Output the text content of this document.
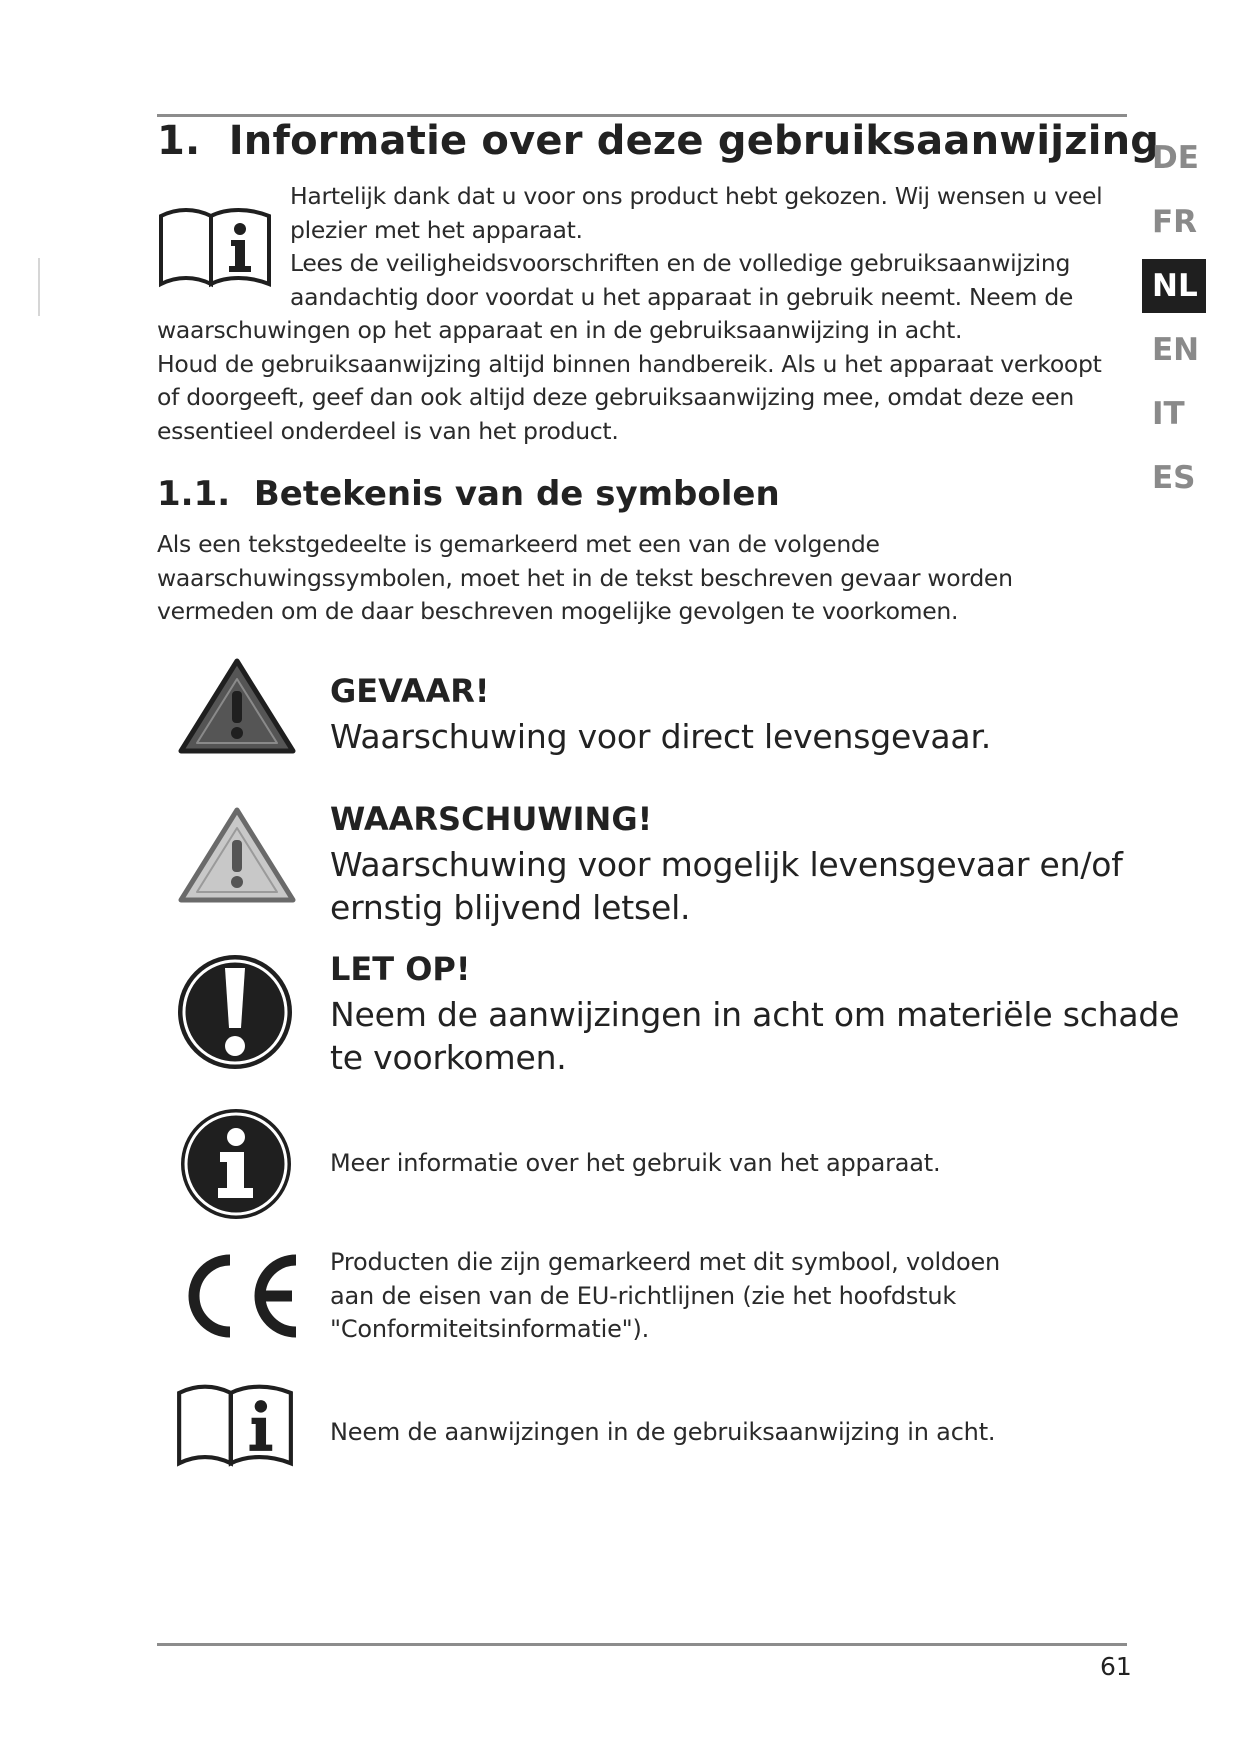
1. Informatie over deze gebruiksaanwijzing
Hartelijk dank dat u voor ons product hebt gekozen. Wij wensen u veel
plezier met het apparaat.
Lees de veiligheidsvoorschriften en de volledige gebruiksaanwijzing
aandachtig door voordat u het apparaat in gebruik neemt. Neem de
waarschuwingen op het apparaat en in de gebruiksaanwijzing in acht.
Houd de gebruiksaanwijzing altijd binnen handbereik. Als u het apparaat verkoopt
of doorgeeft, geef dan ook altijd deze gebruiksaanwijzing mee, omdat deze een
essentieel onderdeel is van het product.
1.1. Betekenis van de symbolen
Als een tekstgedeelte is gemarkeerd met een van de volgende
waarschuwingssymbolen, moet het in de tekst beschreven gevaar worden
vermeden om de daar beschreven mogelijke gevolgen te voorkomen.
GEVAAR!
Waarschuwing voor direct levensgevaar.
WAARSCHUWING!
Waarschuwing voor mogelijk levensgevaar en/of
ernstig blijvend letsel.
LET OP!
Neem de aanwijzingen in acht om materiële schade
te voorkomen.
Meer informatie over het gebruik van het apparaat.
Producten die zijn gemarkeerd met dit symbool, voldoen
aan de eisen van de EU-richtlijnen (zie het hoofdstuk
"Conformiteitsinformatie").
Neem de aanwijzingen in de gebruiksaanwijzing in acht.
DE
FR
NL
EN
IT
ES
61
